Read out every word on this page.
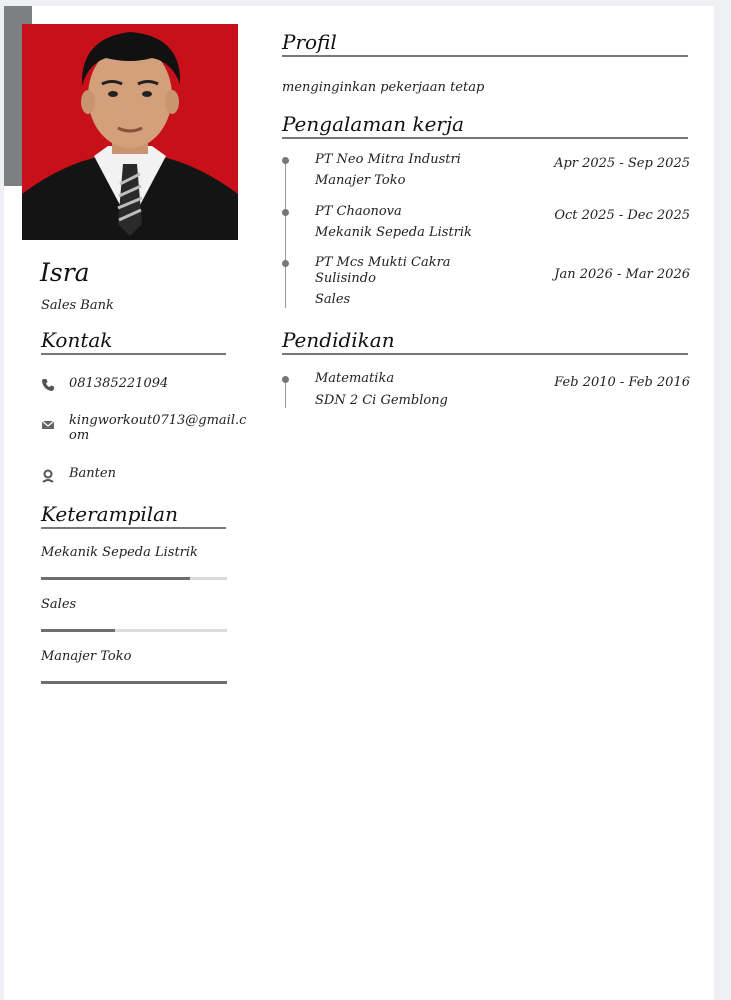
Isra
Sales Bank
Kontak
081385221094
kingworkout0713@gmail.com
Banten
Keterampilan
Mekanik Sepeda Listrik
Sales
Manajer Toko
Profil
menginginkan pekerjaan tetap
Pengalaman kerja
PT Neo Mitra Industri
Manajer Toko
Apr 2025 - Sep 2025
PT Chaonova
Mekanik Sepeda Listrik
Oct 2025 - Dec 2025
PT Mcs Mukti Cakra Sulisindo
Sales
Jan 2026 - Mar 2026
Pendidikan
Matematika
SDN 2 Ci Gemblong
Feb 2010 - Feb 2016
